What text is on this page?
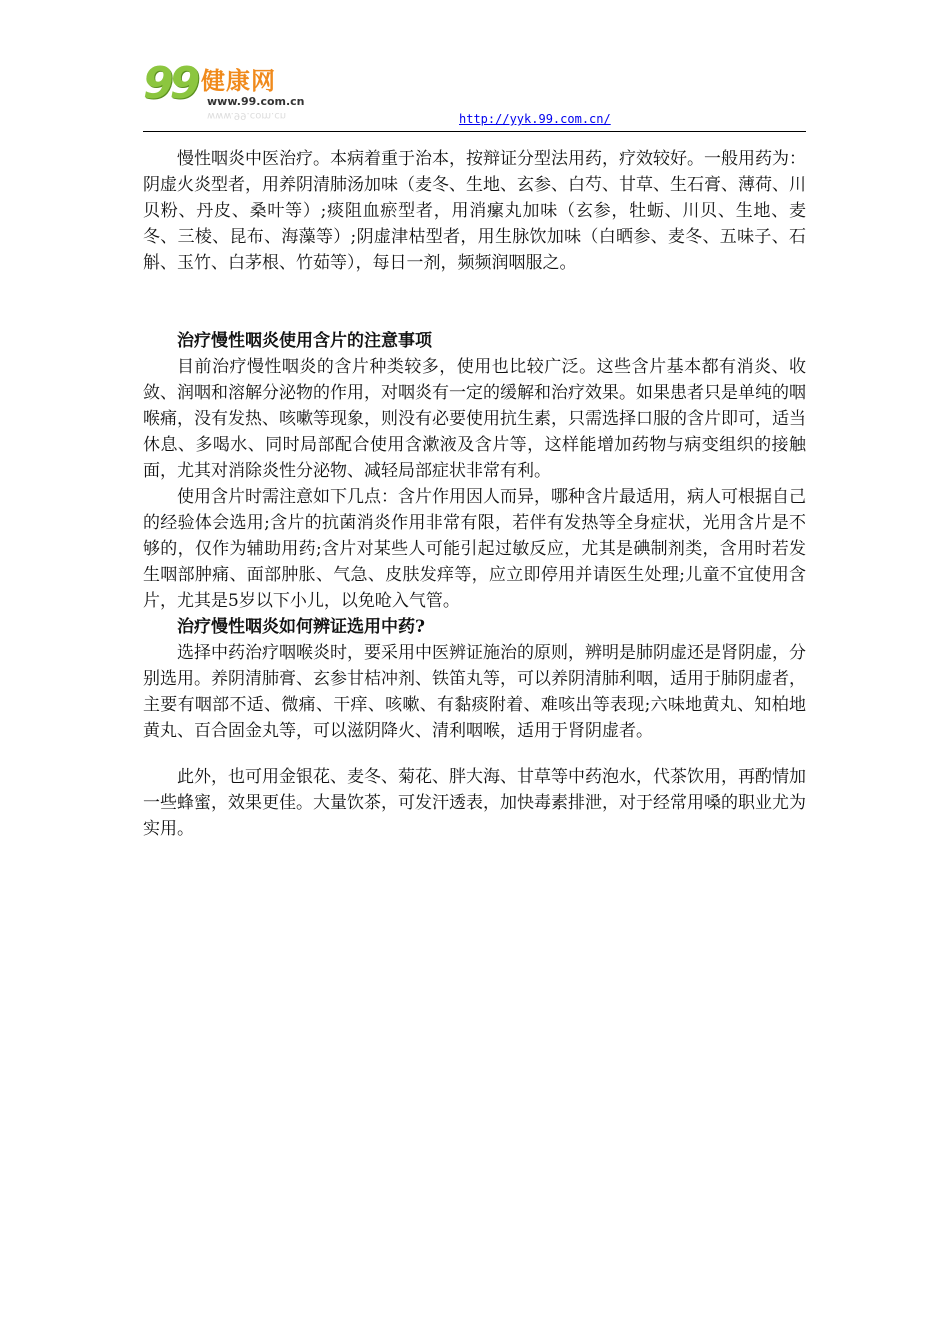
99 健康网
www.99.com.cn
www.99.com.cn	http://yyk.99.com.cn/

慢性咽炎中医治疗。本病着重于治本，按辩证分型法用药，疗效较好。一般用药为：阴虚火炎型者，用养阴清肺汤加味（麦冬、生地、玄参、白芍、甘草、生石膏、薄荷、川贝粉、丹皮、桑叶等）;痰阻血瘀型者，用消瘰丸加味（玄参，牡蛎、川贝、生地、麦冬、三棱、昆布、海藻等）;阴虚津枯型者，用生脉饮加味（白晒参、麦冬、五味子、石斛、玉竹、白茅根、竹茹等），每日一剂，频频润咽服之。

治疗慢性咽炎使用含片的注意事项

目前治疗慢性咽炎的含片种类较多，使用也比较广泛。这些含片基本都有消炎、收敛、润咽和溶解分泌物的作用，对咽炎有一定的缓解和治疗效果。如果患者只是单纯的咽喉痛，没有发热、咳嗽等现象，则没有必要使用抗生素，只需选择口服的含片即可，适当休息、多喝水、同时局部配合使用含漱液及含片等，这样能增加药物与病变组织的接触面，尤其对消除炎性分泌物、减轻局部症状非常有利。

使用含片时需注意如下几点：含片作用因人而异，哪种含片最适用，病人可根据自己的经验体会选用;含片的抗菌消炎作用非常有限，若伴有发热等全身症状，光用含片是不够的，仅作为辅助用药;含片对某些人可能引起过敏反应，尤其是碘制剂类，含用时若发生咽部肿痛、面部肿胀、气急、皮肤发痒等，应立即停用并请医生处理;儿童不宜使用含片，尤其是5岁以下小儿，以免呛入气管。

治疗慢性咽炎如何辨证选用中药?

选择中药治疗咽喉炎时，要采用中医辨证施治的原则，辨明是肺阴虚还是肾阴虚，分别选用。养阴清肺膏、玄参甘桔冲剂、铁笛丸等，可以养阴清肺利咽，适用于肺阴虚者，主要有咽部不适、微痛、干痒、咳嗽、有黏痰附着、难咳出等表现;六味地黄丸、知柏地黄丸、百合固金丸等，可以滋阴降火、清利咽喉，适用于肾阴虚者。

此外，也可用金银花、麦冬、菊花、胖大海、甘草等中药泡水，代茶饮用，再酌情加一些蜂蜜，效果更佳。大量饮茶，可发汗透表，加快毒素排泄，对于经常用嗓的职业尤为实用。
